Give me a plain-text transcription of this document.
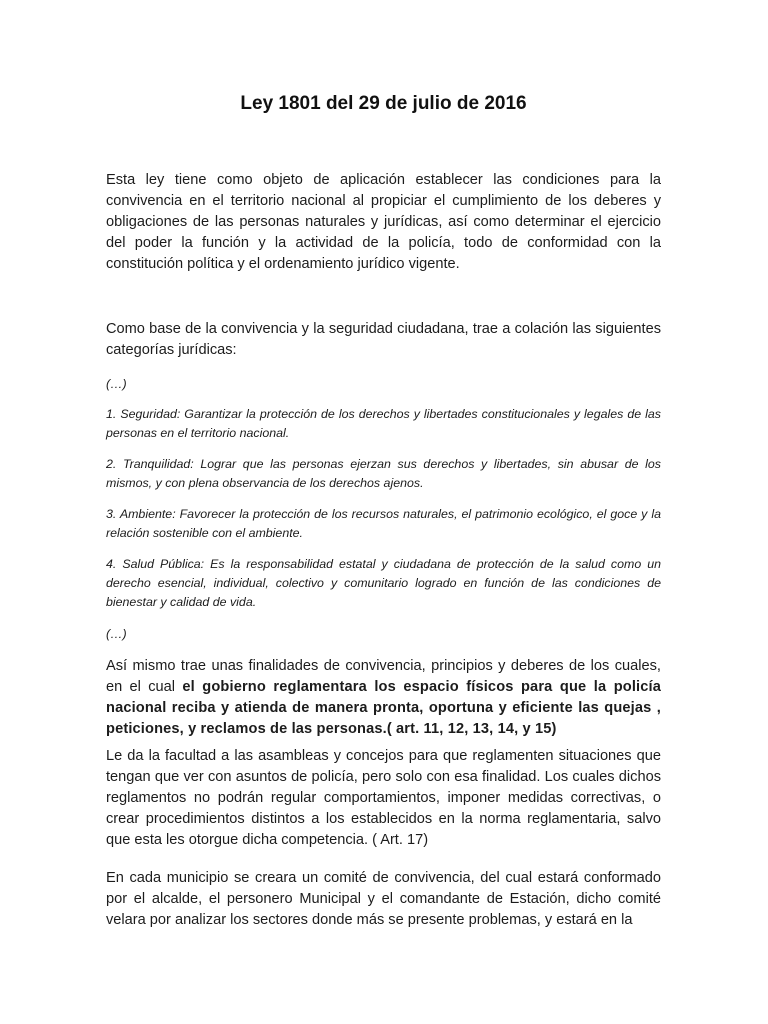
Ley 1801 del 29 de julio de 2016

Esta ley tiene como objeto de aplicación establecer las condiciones para la convivencia en el territorio nacional al propiciar el cumplimiento de los deberes y obligaciones de las personas naturales y jurídicas, así como determinar el ejercicio del poder la función y la actividad de la policía, todo de conformidad con la constitución política y el ordenamiento jurídico vigente.

Como base de la convivencia y la seguridad ciudadana, trae a colación las siguientes categorías jurídicas:

(…)

1. Seguridad: Garantizar la protección de los derechos y libertades constitucionales y legales de las personas en el territorio nacional.

2. Tranquilidad: Lograr que las personas ejerzan sus derechos y libertades, sin abusar de los mismos, y con plena observancia de los derechos ajenos.

3. Ambiente: Favorecer la protección de los recursos naturales, el patrimonio ecológico, el goce y la relación sostenible con el ambiente.

4. Salud Pública: Es la responsabilidad estatal y ciudadana de protección de la salud como un derecho esencial, individual, colectivo y comunitario logrado en función de las condiciones de bienestar y calidad de vida.

(…)

Así mismo trae unas finalidades de convivencia, principios y deberes de los cuales, en el cual el gobierno reglamentara los espacio físicos para que la policía nacional reciba y atienda de manera pronta, oportuna y eficiente las quejas , peticiones, y reclamos de las personas.( art. 11, 12, 13, 14, y 15)

Le da la facultad a las asambleas y concejos para que reglamenten situaciones que tengan que ver con asuntos de policía, pero solo con esa finalidad. Los cuales dichos reglamentos no podrán regular comportamientos, imponer medidas correctivas, o crear procedimientos distintos a los establecidos en la norma reglamentaria, salvo que esta les otorgue dicha competencia. ( Art. 17)

En cada municipio se creara un comité de convivencia, del cual estará conformado por el alcalde, el personero Municipal y el comandante de Estación, dicho comité velara por analizar los sectores donde más se presente problemas, y estará en la
